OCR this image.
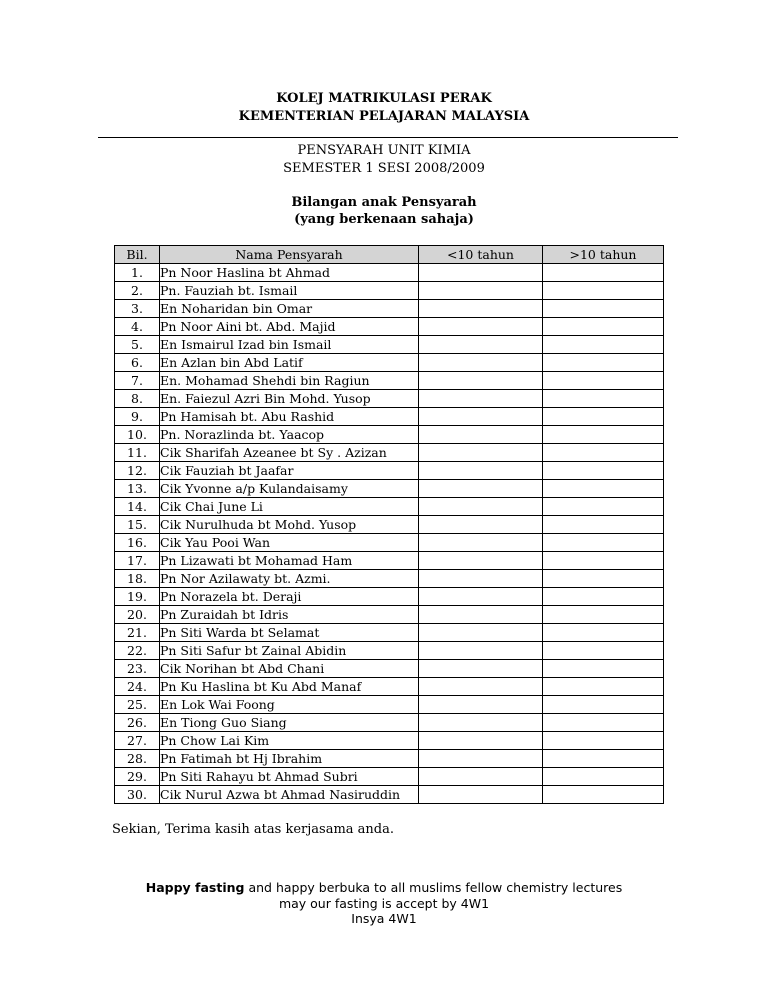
KOLEJ MATRIKULASI PERAK
KEMENTERIAN PELAJARAN MALAYSIA
PENSYARAH UNIT KIMIA
SEMESTER 1 SESI 2008/2009
Bilangan anak Pensyarah
(yang berkenaan sahaja)
Bil.	Nama Pensyarah	<10 tahun	>10 tahun
1.	Pn Noor Haslina bt Ahmad		
2.	Pn. Fauziah bt. Ismail		
3.	En Noharidan bin Omar		
4.	Pn Noor Aini bt. Abd. Majid		
5.	En Ismairul Izad bin Ismail		
6.	En Azlan bin Abd Latif		
7.	En. Mohamad Shehdi bin Ragiun		
8.	En. Faiezul Azri Bin Mohd. Yusop		
9.	Pn Hamisah bt. Abu Rashid		
10.	Pn. Norazlinda bt. Yaacop		
11.	Cik Sharifah Azeanee bt Sy . Azizan		
12.	Cik Fauziah bt Jaafar		
13.	Cik Yvonne a/p Kulandaisamy		
14.	Cik Chai June Li		
15.	Cik Nurulhuda bt Mohd. Yusop		
16.	Cik Yau Pooi Wan		
17.	Pn Lizawati bt Mohamad Ham		
18.	Pn Nor Azilawaty bt. Azmi.		
19.	Pn Norazela bt. Deraji		
20.	Pn Zuraidah bt Idris		
21.	Pn Siti Warda bt Selamat		
22.	Pn Siti Safur bt Zainal Abidin		
23.	Cik Norihan bt Abd Chani		
24.	Pn Ku Haslina bt Ku Abd Manaf		
25.	En Lok Wai Foong		
26.	En Tiong Guo Siang		
27.	Pn Chow Lai Kim		
28.	Pn Fatimah bt Hj Ibrahim		
29.	Pn Siti Rahayu bt Ahmad Subri		
30.	Cik Nurul Azwa bt Ahmad Nasiruddin		
Sekian, Terima kasih atas kerjasama anda.
Happy fasting and happy berbuka to all muslims fellow chemistry lectures
may our fasting is accept by 4W1
Insya 4W1
